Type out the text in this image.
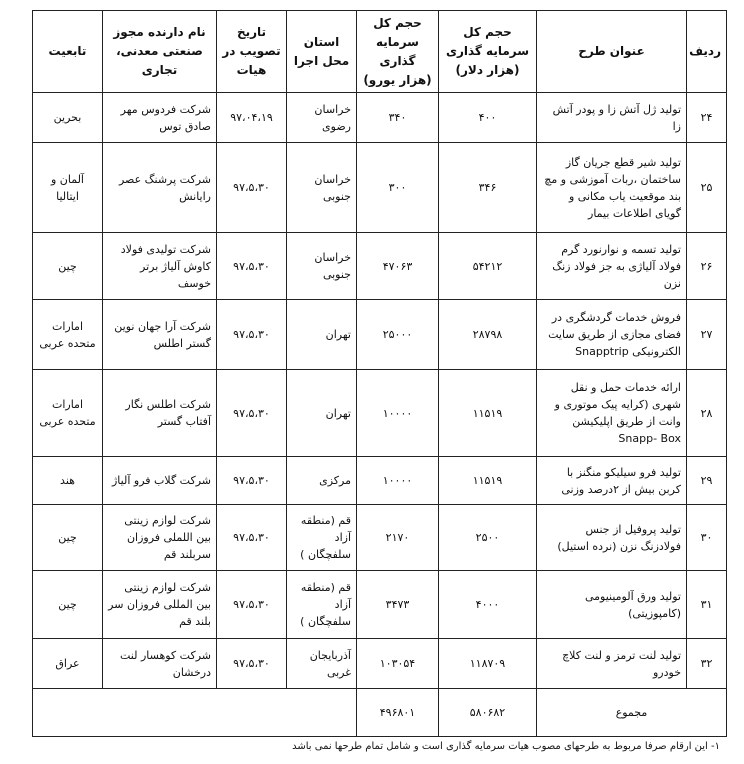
ردیف	عنوان طرح	حجم کل سرمایه گذاری (هزار دلار)	حجم کل سرمایه گذاری (هزار یورو)	استان محل اجرا	تاریخ تصویب در هیات	نام دارنده مجوز صنعتی معدنی، تجاری	تابعیت
۲۴	تولید ژل آتش زا و پودر آتش زا	۴۰۰	۳۴۰	خراسان رضوی	۹۷،۰۴،۱۹	شرکت فردوس مهر صادق توس	بحرین
۲۵	تولید شیر قطع جریان گاز ساختمان ،ربات آموزشی و مچ بند موقعیت یاب مکانی و گویای اطلاعات بیمار	۳۴۶	۳۰۰	خراسان جنوبی	۹۷،۵،۳۰	شرکت پرشنگ عصر رایانش	آلمان و ایتالیا
۲۶	تولید تسمه و نوارنورد گرم فولاد آلیاژی به جز فولاد زنگ نزن	۵۴۲۱۲	۴۷۰۶۳	خراسان جنوبی	۹۷،۵،۳۰	شرکت تولیدی فولاد کاوش آلیاژ برتر خوسف	چین
۲۷	فروش خدمات گردشگری در فضای مجازی از طریق سایت الکترونیکی Snapptrip	۲۸۷۹۸	۲۵۰۰۰	تهران	۹۷،۵،۳۰	شرکت آرا جهان نوین گستر اطلس	امارات متحده عربی
۲۸	ارائه خدمات حمل و نقل شهری (کرایه پیک موتوری و وانت از طریق اپلیکیشن Snapp- Box	۱۱۵۱۹	۱۰۰۰۰	تهران	۹۷،۵،۳۰	شرکت اطلس نگار آفتاب گستر	امارات متحده عربی
۲۹	تولید فرو سیلیکو منگنز با کربن بیش از ۲درصد وزنی	۱۱۵۱۹	۱۰۰۰۰	مرکزی	۹۷،۵،۳۰	شرکت گلاب فرو آلیاژ	هند
۳۰	تولید پروفیل از جنس فولادزنگ نزن (نرده استیل)	۲۵۰۰	۲۱۷۰	قم (منطقه آزاد سلفچگان )	۹۷،۵،۳۰	شرکت لوازم زینتی بین اللملی فروزان سربلند قم	چین
۳۱	تولید ورق آلومینیومی (کامپوزیتی)	۴۰۰۰	۳۴۷۳	قم (منطقه آزاد سلفچگان )	۹۷،۵،۳۰	شرکت لوازم زینتی بین المللی فروزان سر بلند قم	چین
۳۲	تولید لنت ترمز و لنت کلاچ خودرو	۱۱۸۷۰۹	۱۰۳۰۵۴	آذربایجان غربی	۹۷،۵،۳۰	شرکت کوهسار لنت درخشان	عراق
مجموع		۵۸۰۶۸۲	۴۹۶۸۰۱				
۱- این ارقام صرفا مربوط به طرحهای مصوب هیات سرمایه گذاری است و شامل تمام طرحها نمی باشد
